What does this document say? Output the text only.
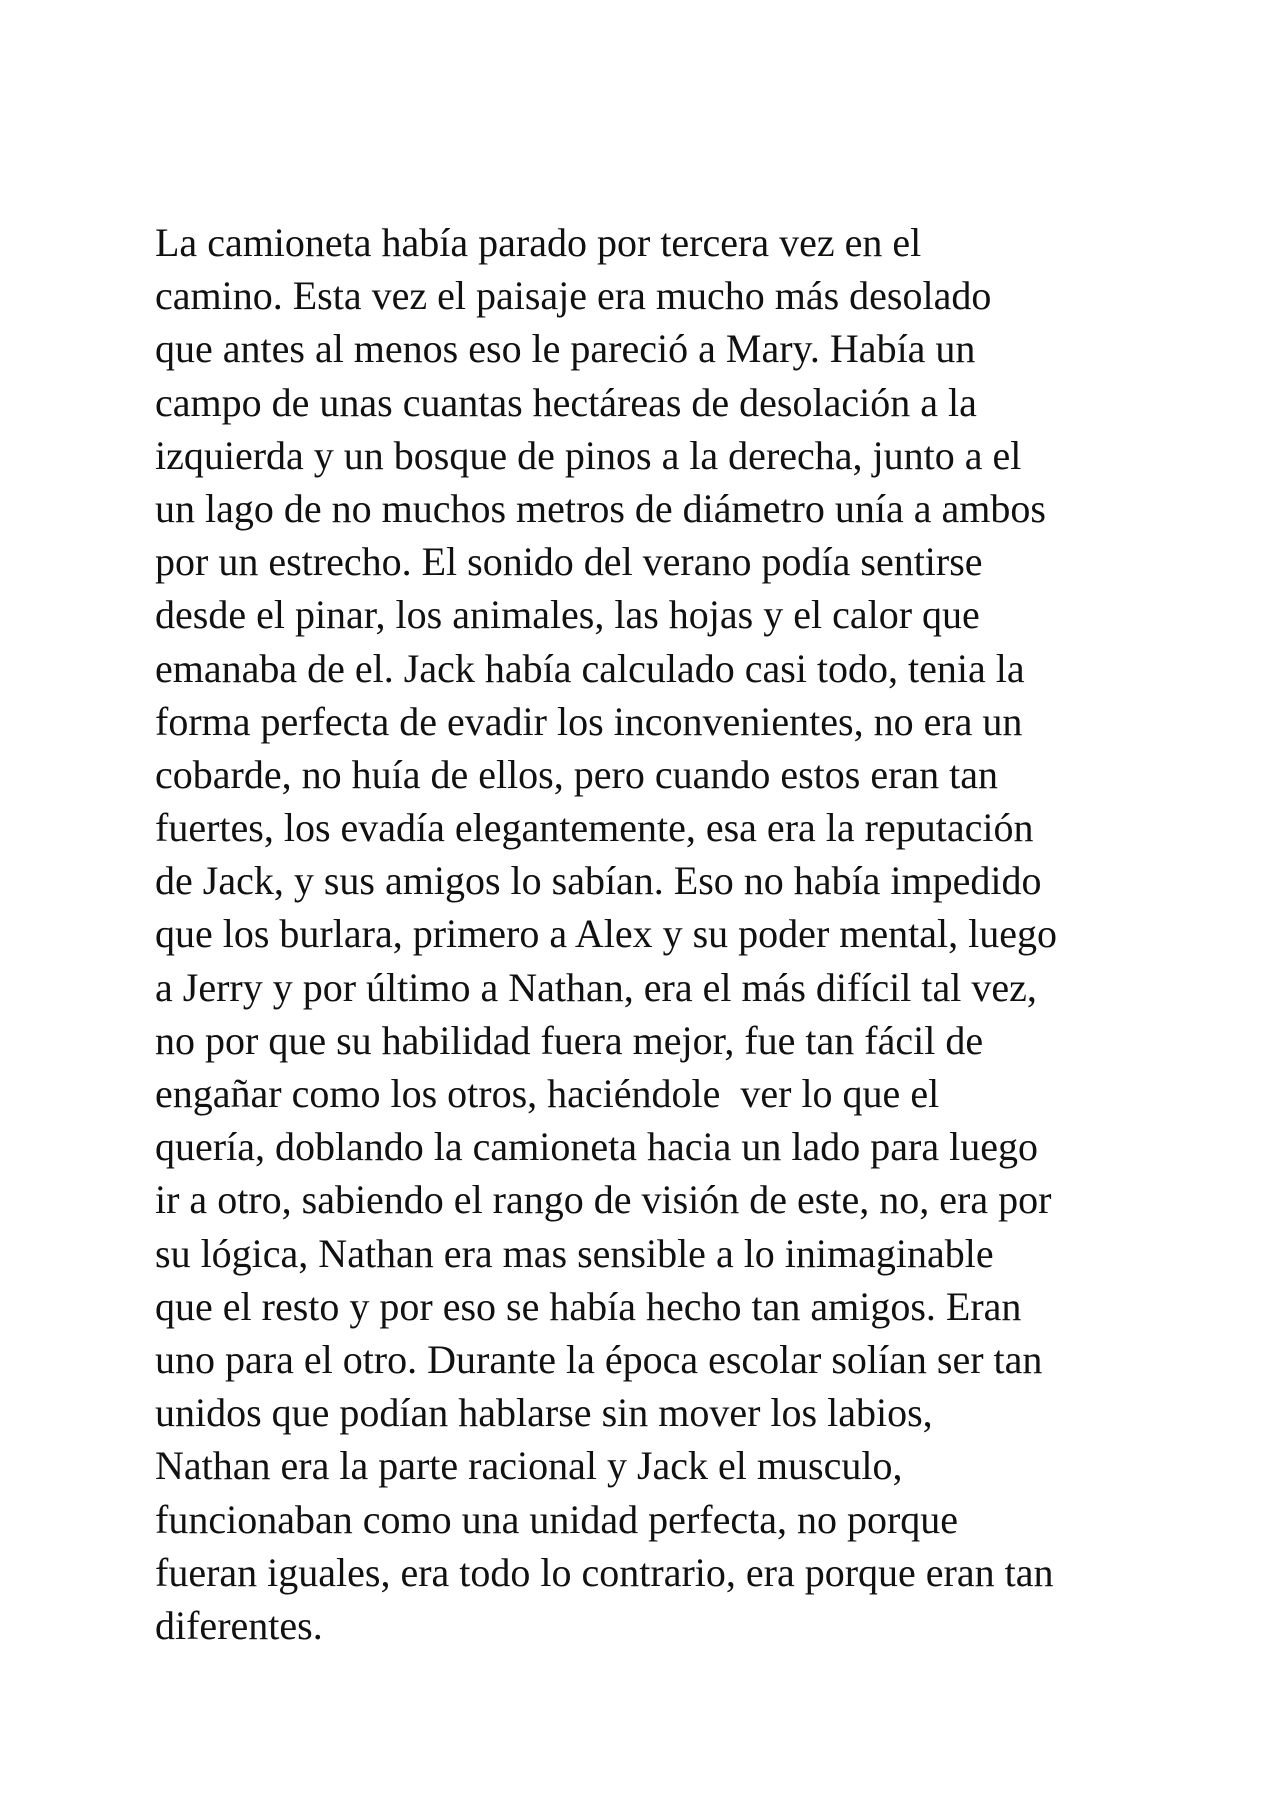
La camioneta había parado por tercera vez en el
camino. Esta vez el paisaje era mucho más desolado
que antes al menos eso le pareció a Mary. Había un
campo de unas cuantas hectáreas de desolación a la
izquierda y un bosque de pinos a la derecha, junto a el
un lago de no muchos metros de diámetro unía a ambos
por un estrecho. El sonido del verano podía sentirse
desde el pinar, los animales, las hojas y el calor que
emanaba de el. Jack había calculado casi todo, tenia la
forma perfecta de evadir los inconvenientes, no era un
cobarde, no huía de ellos, pero cuando estos eran tan
fuertes, los evadía elegantemente, esa era la reputación
de Jack, y sus amigos lo sabían. Eso no había impedido
que los burlara, primero a Alex y su poder mental, luego
a Jerry y por último a Nathan, era el más difícil tal vez,
no por que su habilidad fuera mejor, fue tan fácil de
engañar como los otros, haciéndole  ver lo que el
quería, doblando la camioneta hacia un lado para luego
ir a otro, sabiendo el rango de visión de este, no, era por
su lógica, Nathan era mas sensible a lo inimaginable
que el resto y por eso se había hecho tan amigos. Eran
uno para el otro. Durante la época escolar solían ser tan
unidos que podían hablarse sin mover los labios,
Nathan era la parte racional y Jack el musculo,
funcionaban como una unidad perfecta, no porque
fueran iguales, era todo lo contrario, era porque eran tan
diferentes.
